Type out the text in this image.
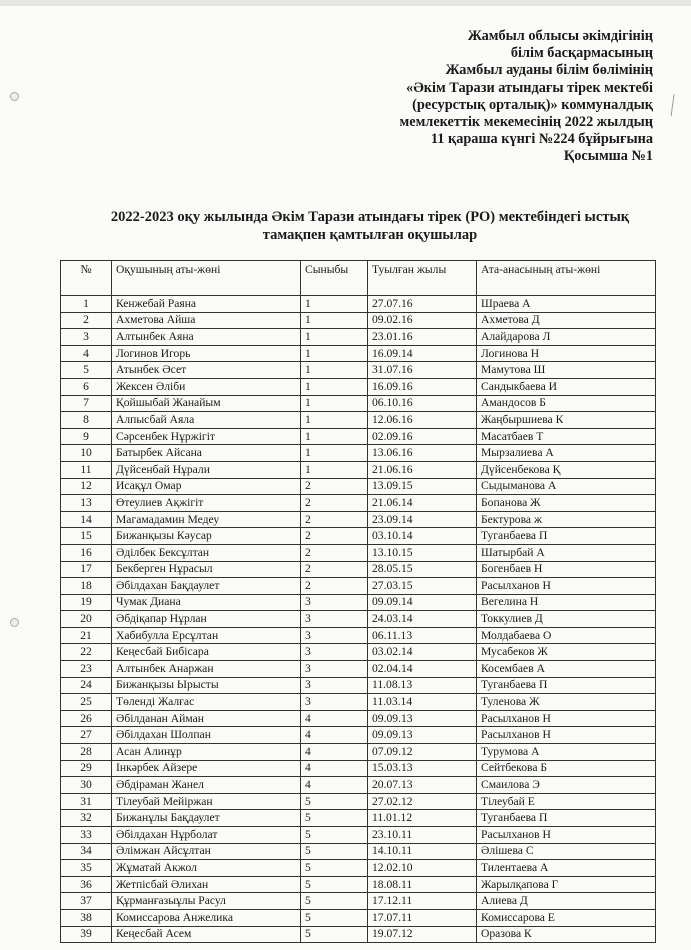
Жамбыл облысы әкімдігінің
білім басқармасының
Жамбыл ауданы білім бөлімінің
«Әкім Тарази атындағы тірек мектебі
(ресурстық орталық)» коммуналдық
мемлекеттік мекемесінің 2022 жылдың
11 қараша күнгі №224 бұйрығына
Қосымша №1
2022-2023 оқу жылында Әкім Тарази атындағы тірек (РО) мектебіндегі ыстық
тамақпен қамтылған оқушылар
№	Оқушының аты-жөні	Сыныбы	Туылған жылы	Ата-анасының аты-жөні
1	Кенжебай Раяна	1	27.07.16	Шраева А
2	Ахметова Айша	1	09.02.16	Ахметова Д
3	Алтынбек Аяна	1	23.01.16	Алайдарова Л
4	Логинов Игорь	1	16.09.14	Логинова Н
5	Атынбек Әсет	1	31.07.16	Мамутова Ш
6	Жексен Әліби	1	16.09.16	Сандыкбаева И
7	Қойшыбай Жанайым	1	06.10.16	Амандосов Б
8	Алпысбай Аяла	1	12.06.16	Жаңбыршиева К
9	Сәрсенбек Нұржігіт	1	02.09.16	Масатбаев Т
10	Батырбек Айсана	1	13.06.16	Мырзалиева А
11	Дүйсенбай Нұрали	1	21.06.16	Дүйсенбекова Қ
12	Исақұл Омар	2	13.09.15	Сыдыманова А
13	Өтеулиев Ақжігіт	2	21.06.14	Бопанова Ж
14	Магамадамин Медеу	2	23.09.14	Бектурова ж
15	Бижанқызы Кәусар	2	03.10.14	Туганбаева П
16	Әділбек Бексұлтан	2	13.10.15	Шатырбай А
17	Бекберген Нұрасыл	2	28.05.15	Богенбаев Н
18	Әбілдахан Бақдаулет	2	27.03.15	Расылханов Н
19	Чумак Диана	3	09.09.14	Вегелина Н
20	Әбдіқапар Нұрлан	3	24.03.14	Токкулиев Д
21	Хабибулла Ерсұлтан	3	06.11.13	Молдабаева О
22	Кеңесбай Бибісара	3	03.02.14	Мусабеков Ж
23	Алтынбек Анаржан	3	02.04.14	Косембаев А
24	Бижанқызы Ырысты	3	11.08.13	Туганбаева П
25	Төленді Жалғас	3	11.03.14	Туленова Ж
26	Әбілданан Айман	4	09.09.13	Расылханов Н
27	Әбілдахан Шолпан	4	09.09.13	Расылханов Н
28	Асан Алинұр	4	07.09.12	Турумова А
29	Інкәрбек Айзере	4	15.03.13	Сейтбекова Б
30	Әбдіраман Жанел	4	20.07.13	Смаилова Э
31	Тілеубай Мейіржан	5	27.02.12	Тілеубай Е
32	Бижанұлы Бақдаулет	5	11.01.12	Туганбаева П
33	Әбілдахан Нұрболат	5	23.10.11	Расылханов Н
34	Әлімжан Айсұлтан	5	14.10.11	Әлішева С
35	Жұматай Акжол	5	12.02.10	Тилентаева А
36	Жетпісбай Әлихан	5	18.08.11	Жарылқапова Г
37	Құрманғазыұлы Расул	5	17.12.11	Алиева Д
38	Комиссарова Анжелика	5	17.07.11	Комиссарова Е
39	Кеңесбай Асем	5	19.07.12	Оразова К
